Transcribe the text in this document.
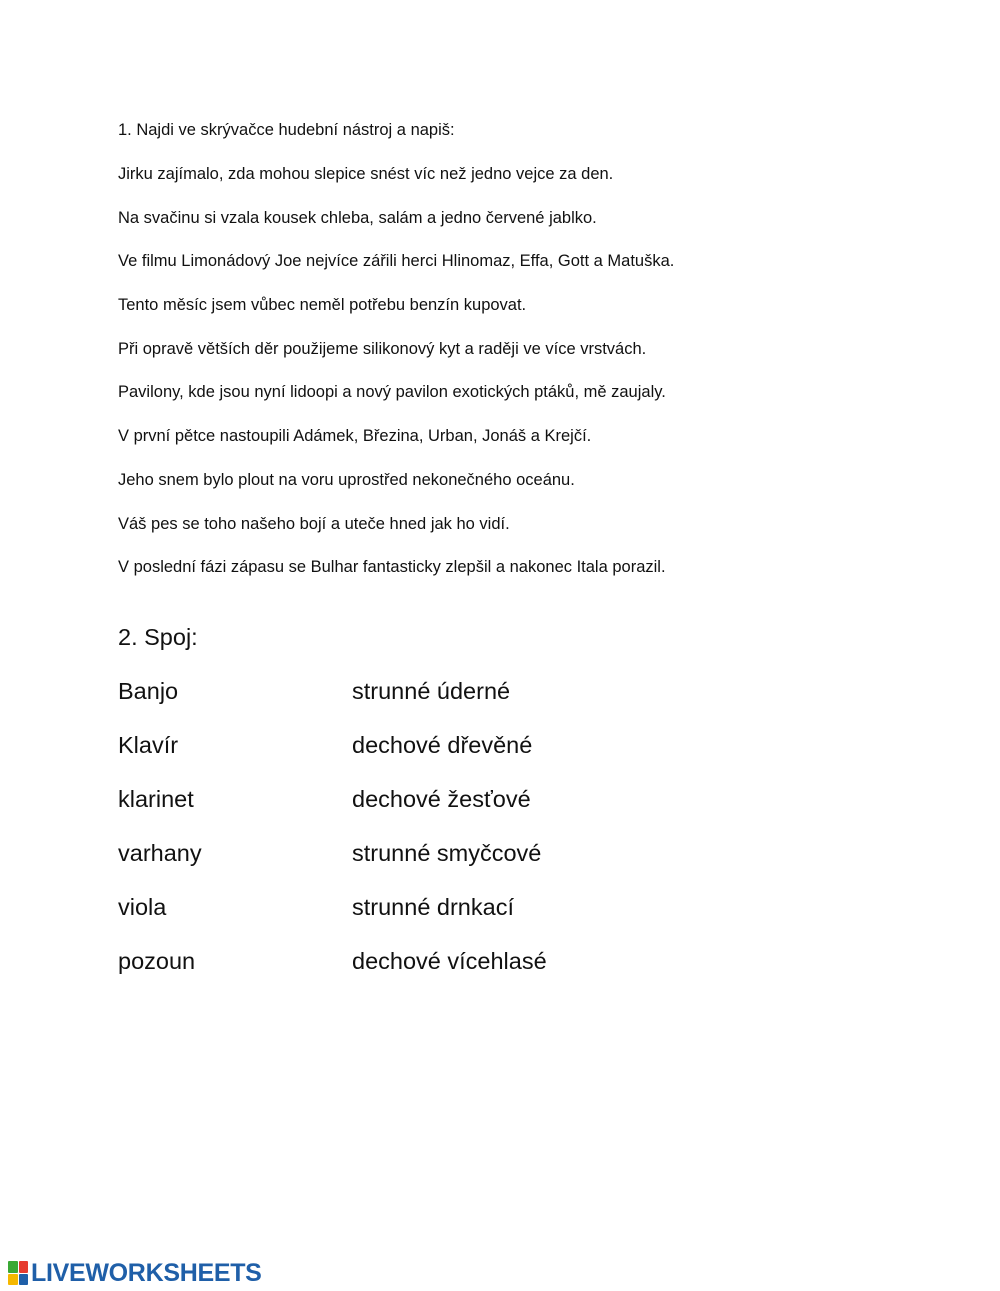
1. Najdi ve skrývačce hudební nástroj a napiš:
Jirku zajímalo, zda mohou slepice snést víc než jedno vejce za den.
Na svačinu si vzala kousek chleba, salám a jedno červené jablko.
Ve filmu Limonádový Joe nejvíce zářili herci Hlinomaz, Effa, Gott a Matuška.
Tento měsíc jsem vůbec neměl potřebu benzín kupovat.
Při opravě větších děr použijeme silikonový kyt a raději ve více vrstvách.
Pavilony, kde jsou nyní lidoopi a nový pavilon exotických ptáků, mě zaujaly.
V první pětce nastoupili Adámek, Březina, Urban, Jonáš a Krejčí.
Jeho snem bylo plout na voru uprostřed nekonečného oceánu.
Váš pes se toho našeho bojí a uteče hned jak ho vidí.
V poslední fázi zápasu se Bulhar fantasticky zlepšil a nakonec Itala porazil.
2. Spoj:
Banjo	strunné úderné
Klavír	dechové dřevěné
klarinet	dechové žesťové
varhany	strunné smyčcové
viola	strunné drnkací
pozoun	dechové vícehlasé
LIVEWORKSHEETS
